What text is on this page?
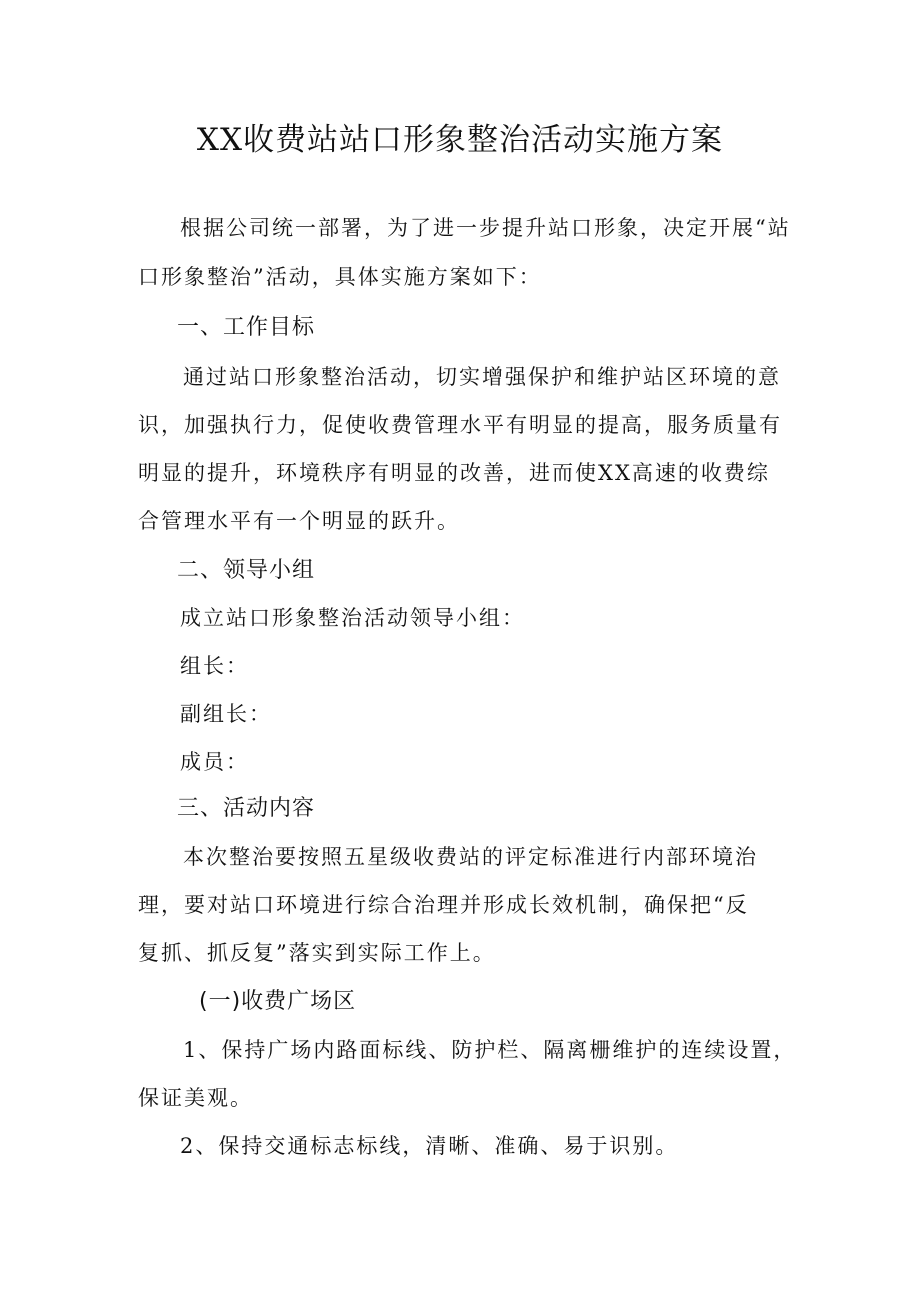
XX收费站站口形象整治活动实施方案
根据公司统一部署，为了进一步提升站口形象，决定开展“站
口形象整治”活动，具体实施方案如下：
一、工作目标
通过站口形象整治活动，切实增强保护和维护站区环境的意
识，加强执行力，促使收费管理水平有明显的提高，服务质量有
明显的提升，环境秩序有明显的改善，进而使XX高速的收费综
合管理水平有一个明显的跃升。
二、领导小组
成立站口形象整治活动领导小组：
组长：
副组长：
成员：
三、活动内容
本次整治要按照五星级收费站的评定标准进行内部环境治
理，要对站口环境进行综合治理并形成长效机制，确保把“反
复抓、抓反复”落实到实际工作上。
(一)收费广场区
1、保持广场内路面标线、防护栏、隔离栅维护的连续设置，
保证美观。
2、保持交通标志标线，清晰、准确、易于识别。
